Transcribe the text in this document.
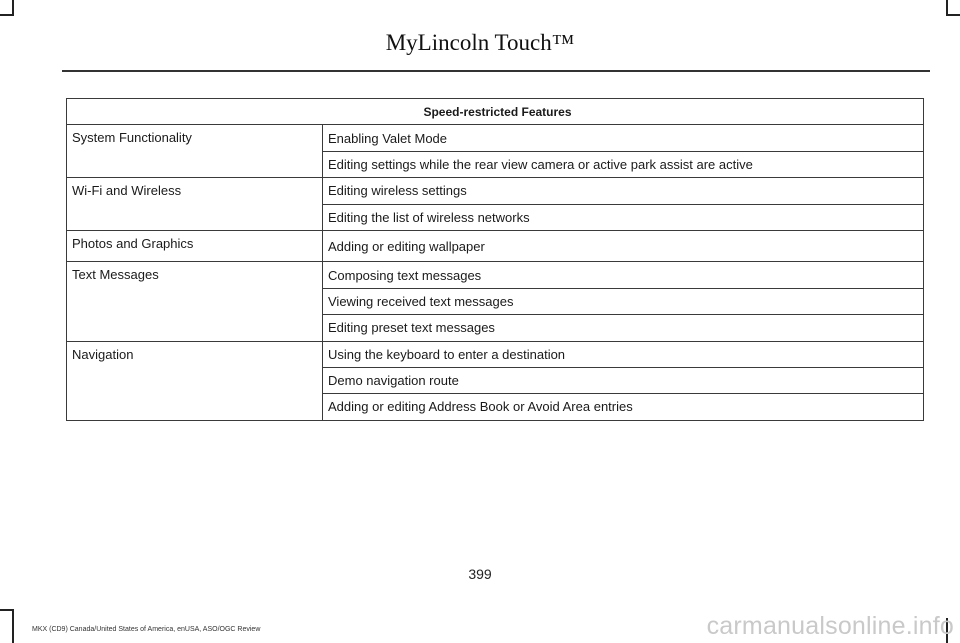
MyLincoln Touch™
Speed-restricted Features	
System Functionality	Enabling Valet Mode
	Editing settings while the rear view camera or active park assist are active
Wi-Fi and Wireless	Editing wireless settings
	Editing the list of wireless networks
Photos and Graphics	Adding or editing wallpaper
Text Messages	Composing text messages
	Viewing received text messages
	Editing preset text messages
Navigation	Using the keyboard to enter a destination
	Demo navigation route
	Adding or editing Address Book or Avoid Area entries
399
MKX (CD9) Canada/United States of America, enUSA, ASO/OGC Review	carmanualsonline.info
